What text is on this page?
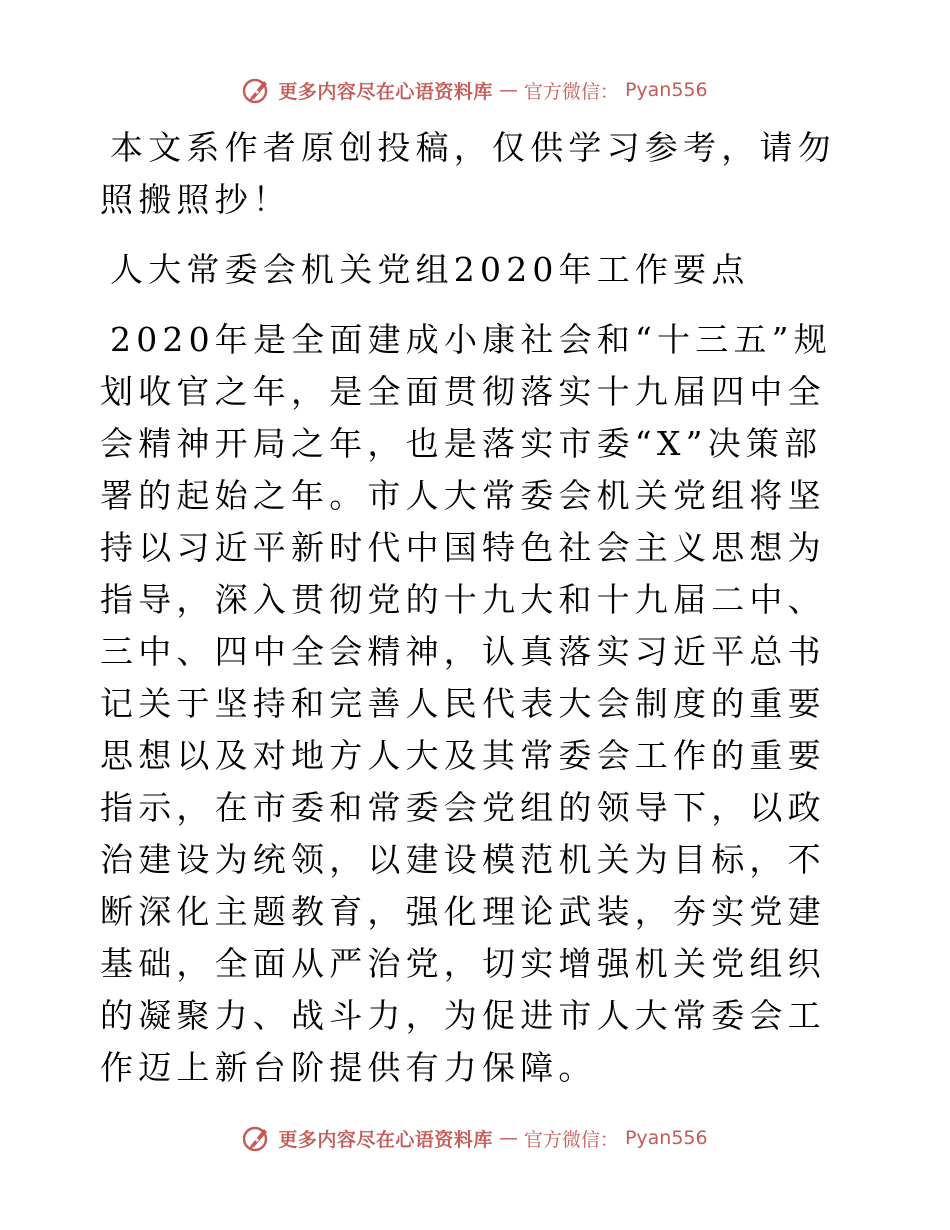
更多内容尽在心语资料库 — 官方微信： Pyan556

本文系作者原创投稿，仅供学习参考，请勿照搬照抄！

人大常委会机关党组2020年工作要点

2020年是全面建成小康社会和“十三五”规划收官之年，是全面贯彻落实十九届四中全会精神开局之年，也是落实市委“X”决策部署的起始之年。市人大常委会机关党组将坚持以习近平新时代中国特色社会主义思想为指导，深入贯彻党的十九大和十九届二中、三中、四中全会精神，认真落实习近平总书记关于坚持和完善人民代表大会制度的重要思想以及对地方人大及其常委会工作的重要指示，在市委和常委会党组的领导下，以政治建设为统领，以建设模范机关为目标，不断深化主题教育，强化理论武装，夯实党建基础，全面从严治党，切实增强机关党组织的凝聚力、战斗力，为促进市人大常委会工作迈上新台阶提供有力保障。

更多内容尽在心语资料库 — 官方微信： Pyan556
